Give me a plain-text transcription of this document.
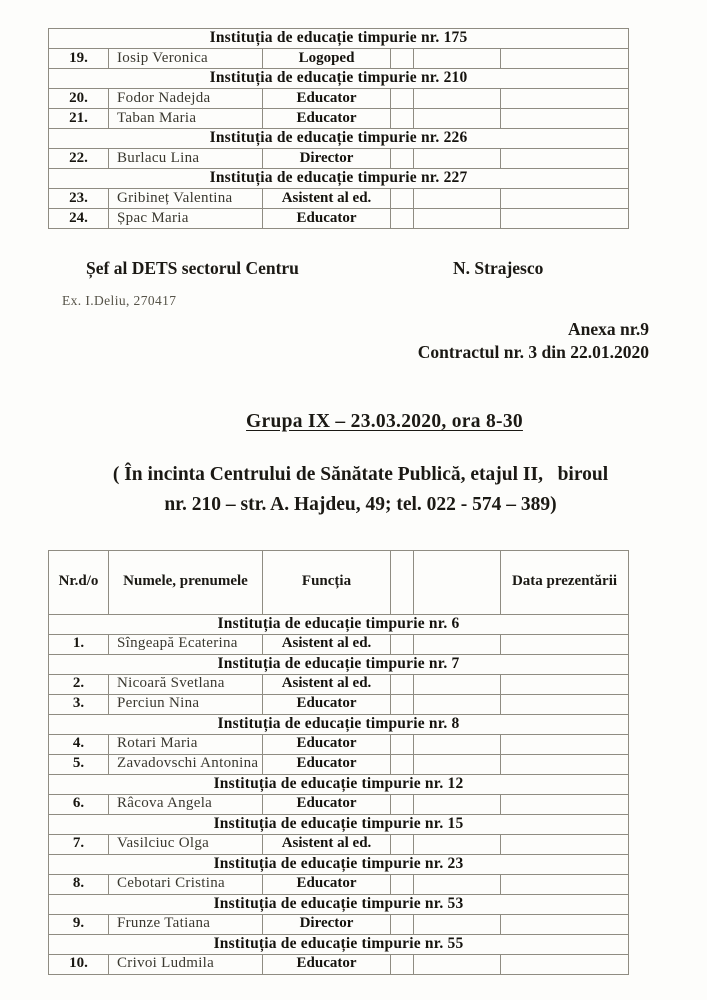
Instituția de educație timpurie nr. 175					
19.	Iosip Veronica	Logoped			
Instituția de educație timpurie nr. 210					
20.	Fodor Nadejda	Educator			
21.	Taban Maria	Educator			
Instituția de educație timpurie nr. 226					
22.	Burlacu Lina	Director			
Instituția de educație timpurie nr. 227					
23.	Gribineț Valentina	Asistent al ed.			
24.	Șpac Maria	Educator			
Șef al DETS sectorul Centru	N. Strajesco
Ex. I.Deliu, 270417
Anexa nr.9
Contractul nr. 3 din 22.01.2020
Grupa IX – 23.03.2020, ora 8-30
( În incinta Centrului de Sănătate Publică, etajul II,   biroul
nr. 210 – str. A. Hajdeu, 49; tel. 022 - 574 – 389)
Nr.d/o	Numele, prenumele	Funcția			Data prezentării
Instituția de educație timpurie nr. 6					
1.	Sîngeapă Ecaterina	Asistent al ed.			
Instituția de educație timpurie nr. 7					
2.	Nicoară Svetlana	Asistent al ed.			
3.	Perciun Nina	Educator			
Instituția de educație timpurie nr. 8					
4.	Rotari Maria	Educator			
5.	Zavadovschi Antonina	Educator			
Instituția de educație timpurie nr. 12					
6.	Râcova Angela	Educator			
Instituția de educație timpurie nr. 15					
7.	Vasilciuc Olga	Asistent al ed.			
Instituția de educație timpurie nr. 23					
8.	Cebotari Cristina	Educator			
Instituția de educație timpurie nr. 53					
9.	Frunze Tatiana	Director			
Instituția de educație timpurie nr. 55					
10.	Crivoi Ludmila	Educator			
